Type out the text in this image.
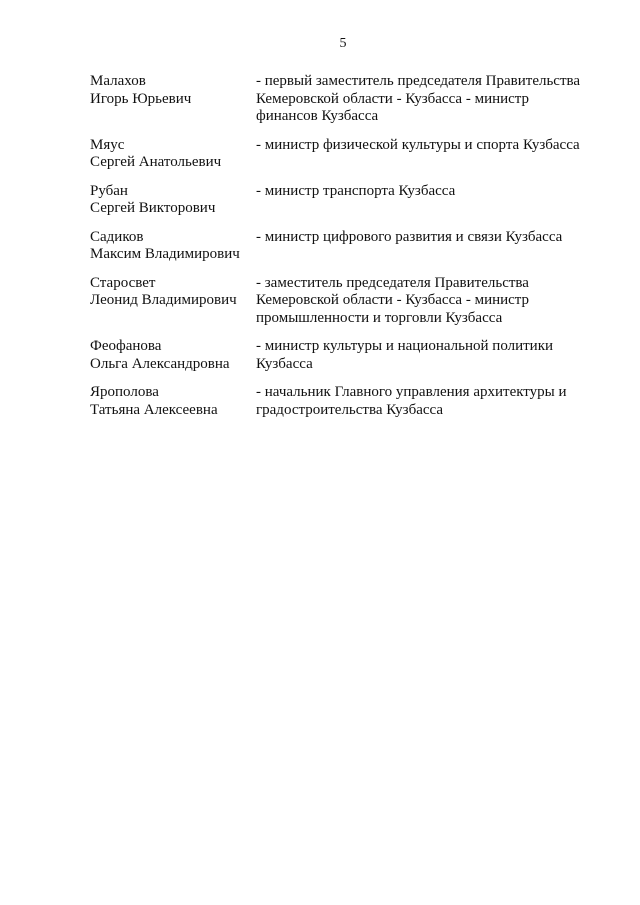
5
Малахов
Игорь Юрьевич
- первый заместитель председателя Правительства
Кемеровской области - Кузбасса - министр
финансов Кузбасса
Мяус
Сергей Анатольевич
- министр физической культуры и спорта Кузбасса
Рубан
Сергей Викторович
- министр транспорта Кузбасса
Садиков
Максим Владимирович
- министр цифрового развития и связи Кузбасса
Старосвет
Леонид Владимирович
- заместитель председателя Правительства
Кемеровской области - Кузбасса - министр
промышленности и торговли Кузбасса
Феофанова
Ольга Александровна
- министр культуры и национальной политики
Кузбасса
Ярополова
Татьяна Алексеевна
- начальник Главного управления архитектуры и
градостроительства Кузбасса
